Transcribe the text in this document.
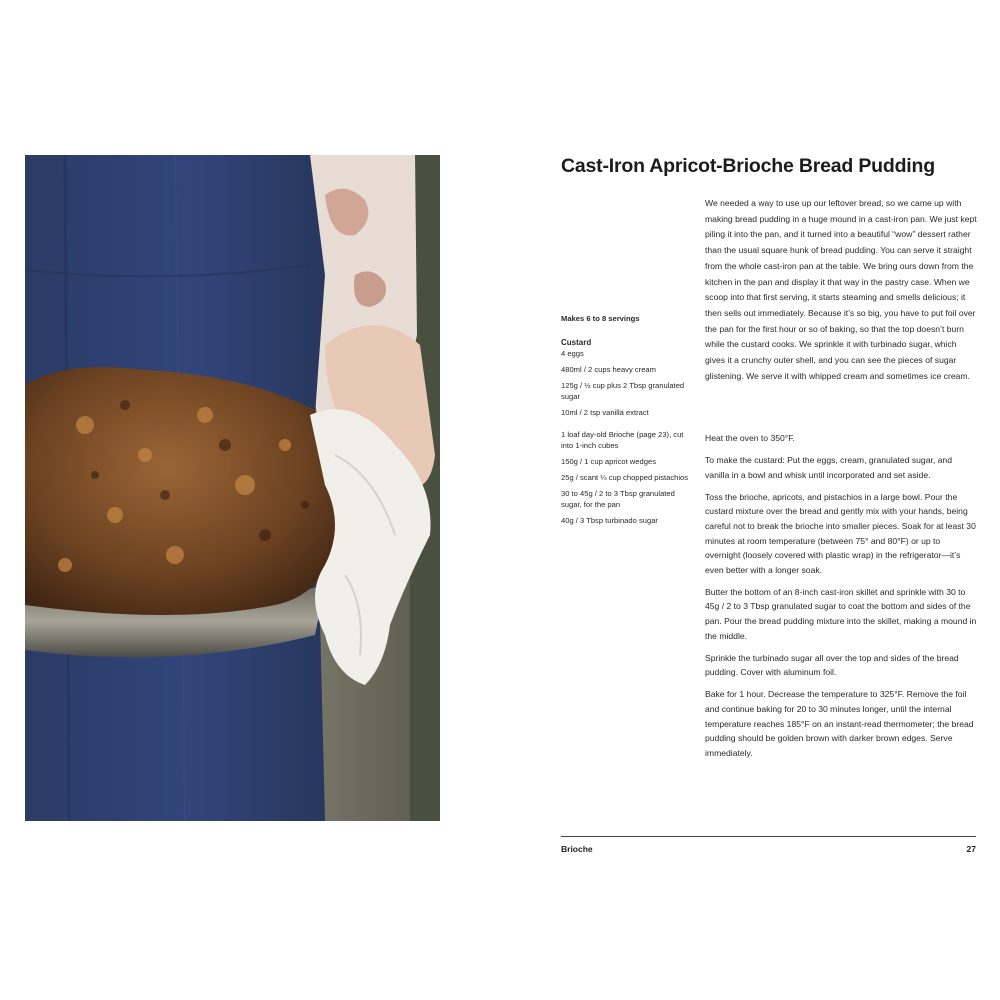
Cast-Iron Apricot-Brioche Bread Pudding
We needed a way to use up our leftover bread, so we came up with making bread pudding in a huge mound in a cast-iron pan. We just kept piling it into the pan, and it turned into a beautiful “wow” dessert rather than the usual square hunk of bread pudding. You can serve it straight from the whole cast-iron pan at the table. We bring ours down from the kitchen in the pan and display it that way in the pastry case. When we scoop into that first serving, it starts steaming and smells delicious; it then sells out immediately. Because it’s so big, you have to put foil over the pan for the first hour or so of baking, so that the top doesn’t burn while the custard cooks. We sprinkle it with turbinado sugar, which gives it a crunchy outer shell, and you can see the pieces of sugar glistening. We serve it with whipped cream and sometimes ice cream.
Makes 6 to 8 servings
Custard
4 eggs
480ml / 2 cups heavy cream
125g / ½ cup plus 2 Tbsp granulated sugar
10ml / 2 tsp vanilla extract
1 loaf day-old Brioche (page 23), cut into 1-inch cubes
150g / 1 cup apricot wedges
25g / scant ¼ cup chopped pistachios
30 to 45g / 2 to 3 Tbsp granulated sugar, for the pan
40g / 3 Tbsp turbinado sugar

Heat the oven to 350°F.

To make the custard: Put the eggs, cream, granulated sugar, and vanilla in a bowl and whisk until incorporated and set aside.

Toss the brioche, apricots, and pistachios in a large bowl. Pour the custard mixture over the bread and gently mix with your hands, being careful not to break the brioche into smaller pieces. Soak for at least 30 minutes at room temperature (between 75° and 80°F) or up to overnight (loosely covered with plastic wrap) in the refrigerator—it’s even better with a longer soak.

Butter the bottom of an 8-inch cast-iron skillet and sprinkle with 30 to 45g / 2 to 3 Tbsp granulated sugar to coat the bottom and sides of the pan. Pour the bread pudding mixture into the skillet, making a mound in the middle.

Sprinkle the turbinado sugar all over the top and sides of the bread pudding. Cover with aluminum foil.

Bake for 1 hour. Decrease the temperature to 325°F. Remove the foil and continue baking for 20 to 30 minutes longer, until the internal temperature reaches 185°F on an instant-read thermometer; the bread pudding should be golden brown with darker brown edges. Serve immediately.

Brioche	27
